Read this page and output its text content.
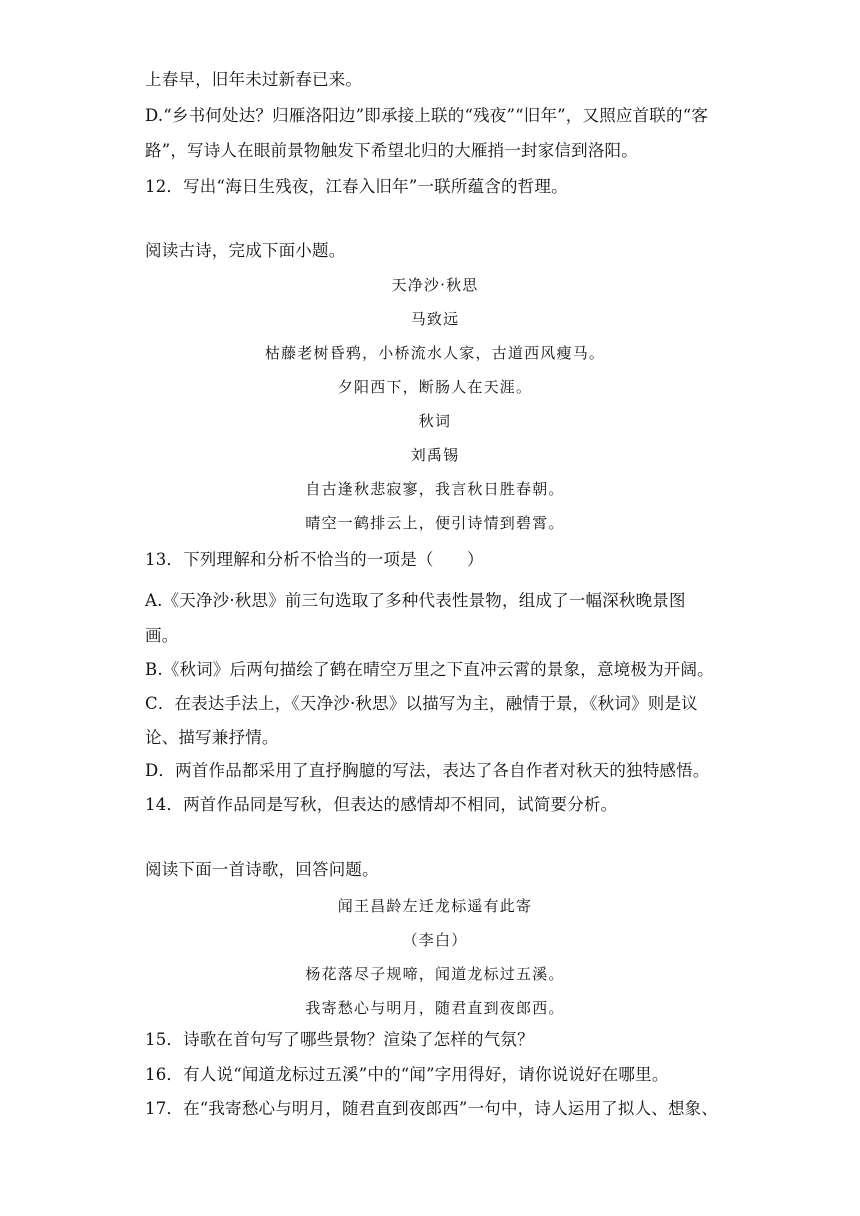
上春早，旧年未过新春已来。
D.“乡书何处达？归雁洛阳边”即承接上联的“残夜”“旧年”，又照应首联的“客
路”，写诗人在眼前景物触发下希望北归的大雁捎一封家信到洛阳。
12．写出“海日生残夜，江春入旧年”一联所蕴含的哲理。
阅读古诗，完成下面小题。
天净沙·秋思
马致远
枯藤老树昏鸦，小桥流水人家，古道西风瘦马。
夕阳西下，断肠人在天涯。
秋词
刘禹锡
自古逢秋悲寂寥，我言秋日胜春朝。
晴空一鹤排云上，便引诗情到碧霄。
13．下列理解和分析不恰当的一项是（　　）
A.《天净沙·秋思》前三句选取了多种代表性景物，组成了一幅深秋晚景图
画。
B.《秋词》后两句描绘了鹤在晴空万里之下直冲云霄的景象，意境极为开阔。
C．在表达手法上，《天净沙·秋思》以描写为主，融情于景，《秋词》则是议
论、描写兼抒情。
D．两首作品都采用了直抒胸臆的写法，表达了各自作者对秋天的独特感悟。
14．两首作品同是写秋，但表达的感情却不相同，试简要分析。
阅读下面一首诗歌，回答问题。
闻王昌龄左迁龙标遥有此寄
（李白）
杨花落尽子规啼，闻道龙标过五溪。
我寄愁心与明月，随君直到夜郎西。
15．诗歌在首句写了哪些景物？渲染了怎样的气氛？
16．有人说“闻道龙标过五溪”中的“闻”字用得好，请你说说好在哪里。
17．在“我寄愁心与明月，随君直到夜郎西”一句中，诗人运用了拟人、想象、
